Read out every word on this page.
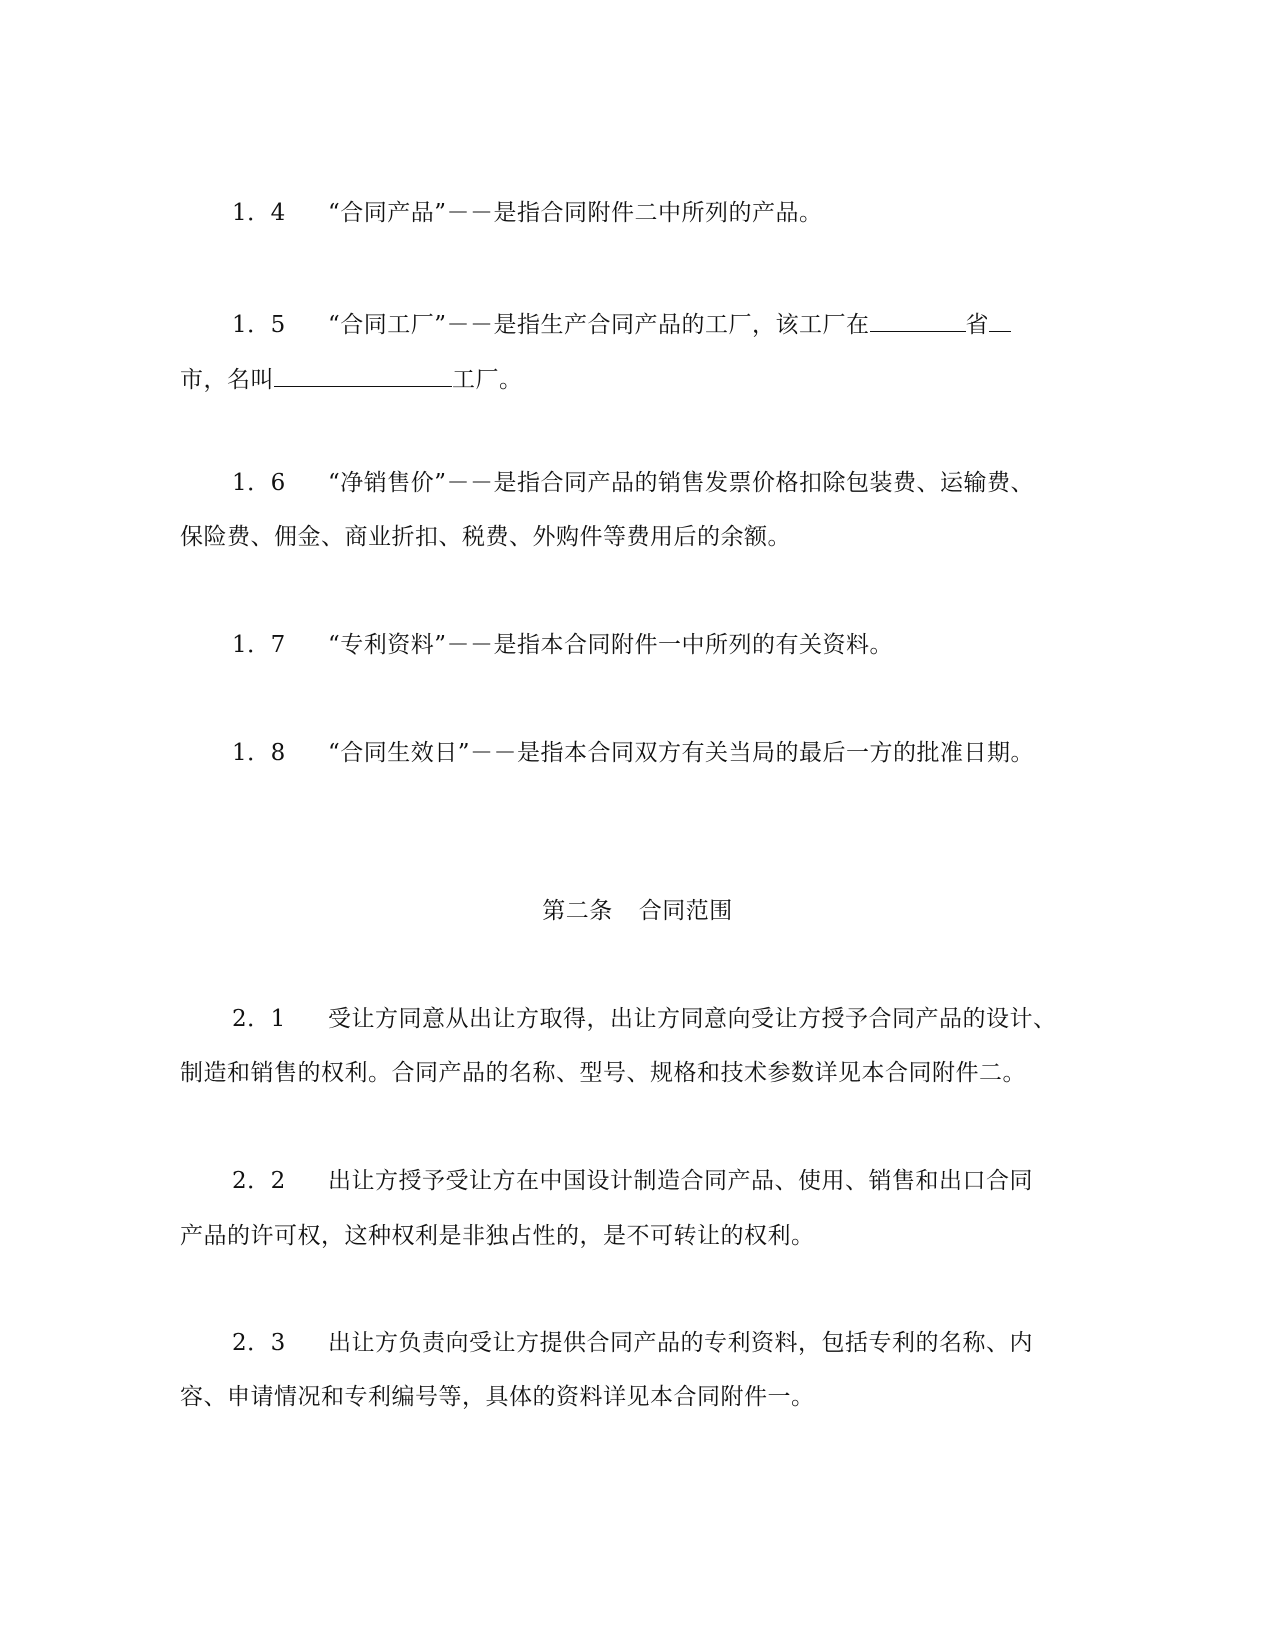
1．4 “合同产品”－－是指合同附件二中所列的产品。
1．5 “合同工厂”－－是指生产合同产品的工厂，该工厂在	省
市，名叫	工厂。
1．6 “净销售价”－－是指合同产品的销售发票价格扣除包装费、运输费、
保险费、佣金、商业折扣、税费、外购件等费用后的余额。
1．7 “专利资料”－－是指本合同附件一中所列的有关资料。
1．8 “合同生效日”－－是指本合同双方有关当局的最后一方的批准日期。
第二条 合同范围
2．1 受让方同意从出让方取得，出让方同意向受让方授予合同产品的设计、
制造和销售的权利。合同产品的名称、型号、规格和技术参数详见本合同附件二。
2．2 出让方授予受让方在中国设计制造合同产品、使用、销售和出口合同
产品的许可权，这种权利是非独占性的，是不可转让的权利。
2．3 出让方负责向受让方提供合同产品的专利资料，包括专利的名称、内
容、申请情况和专利编号等，具体的资料详见本合同附件一。
